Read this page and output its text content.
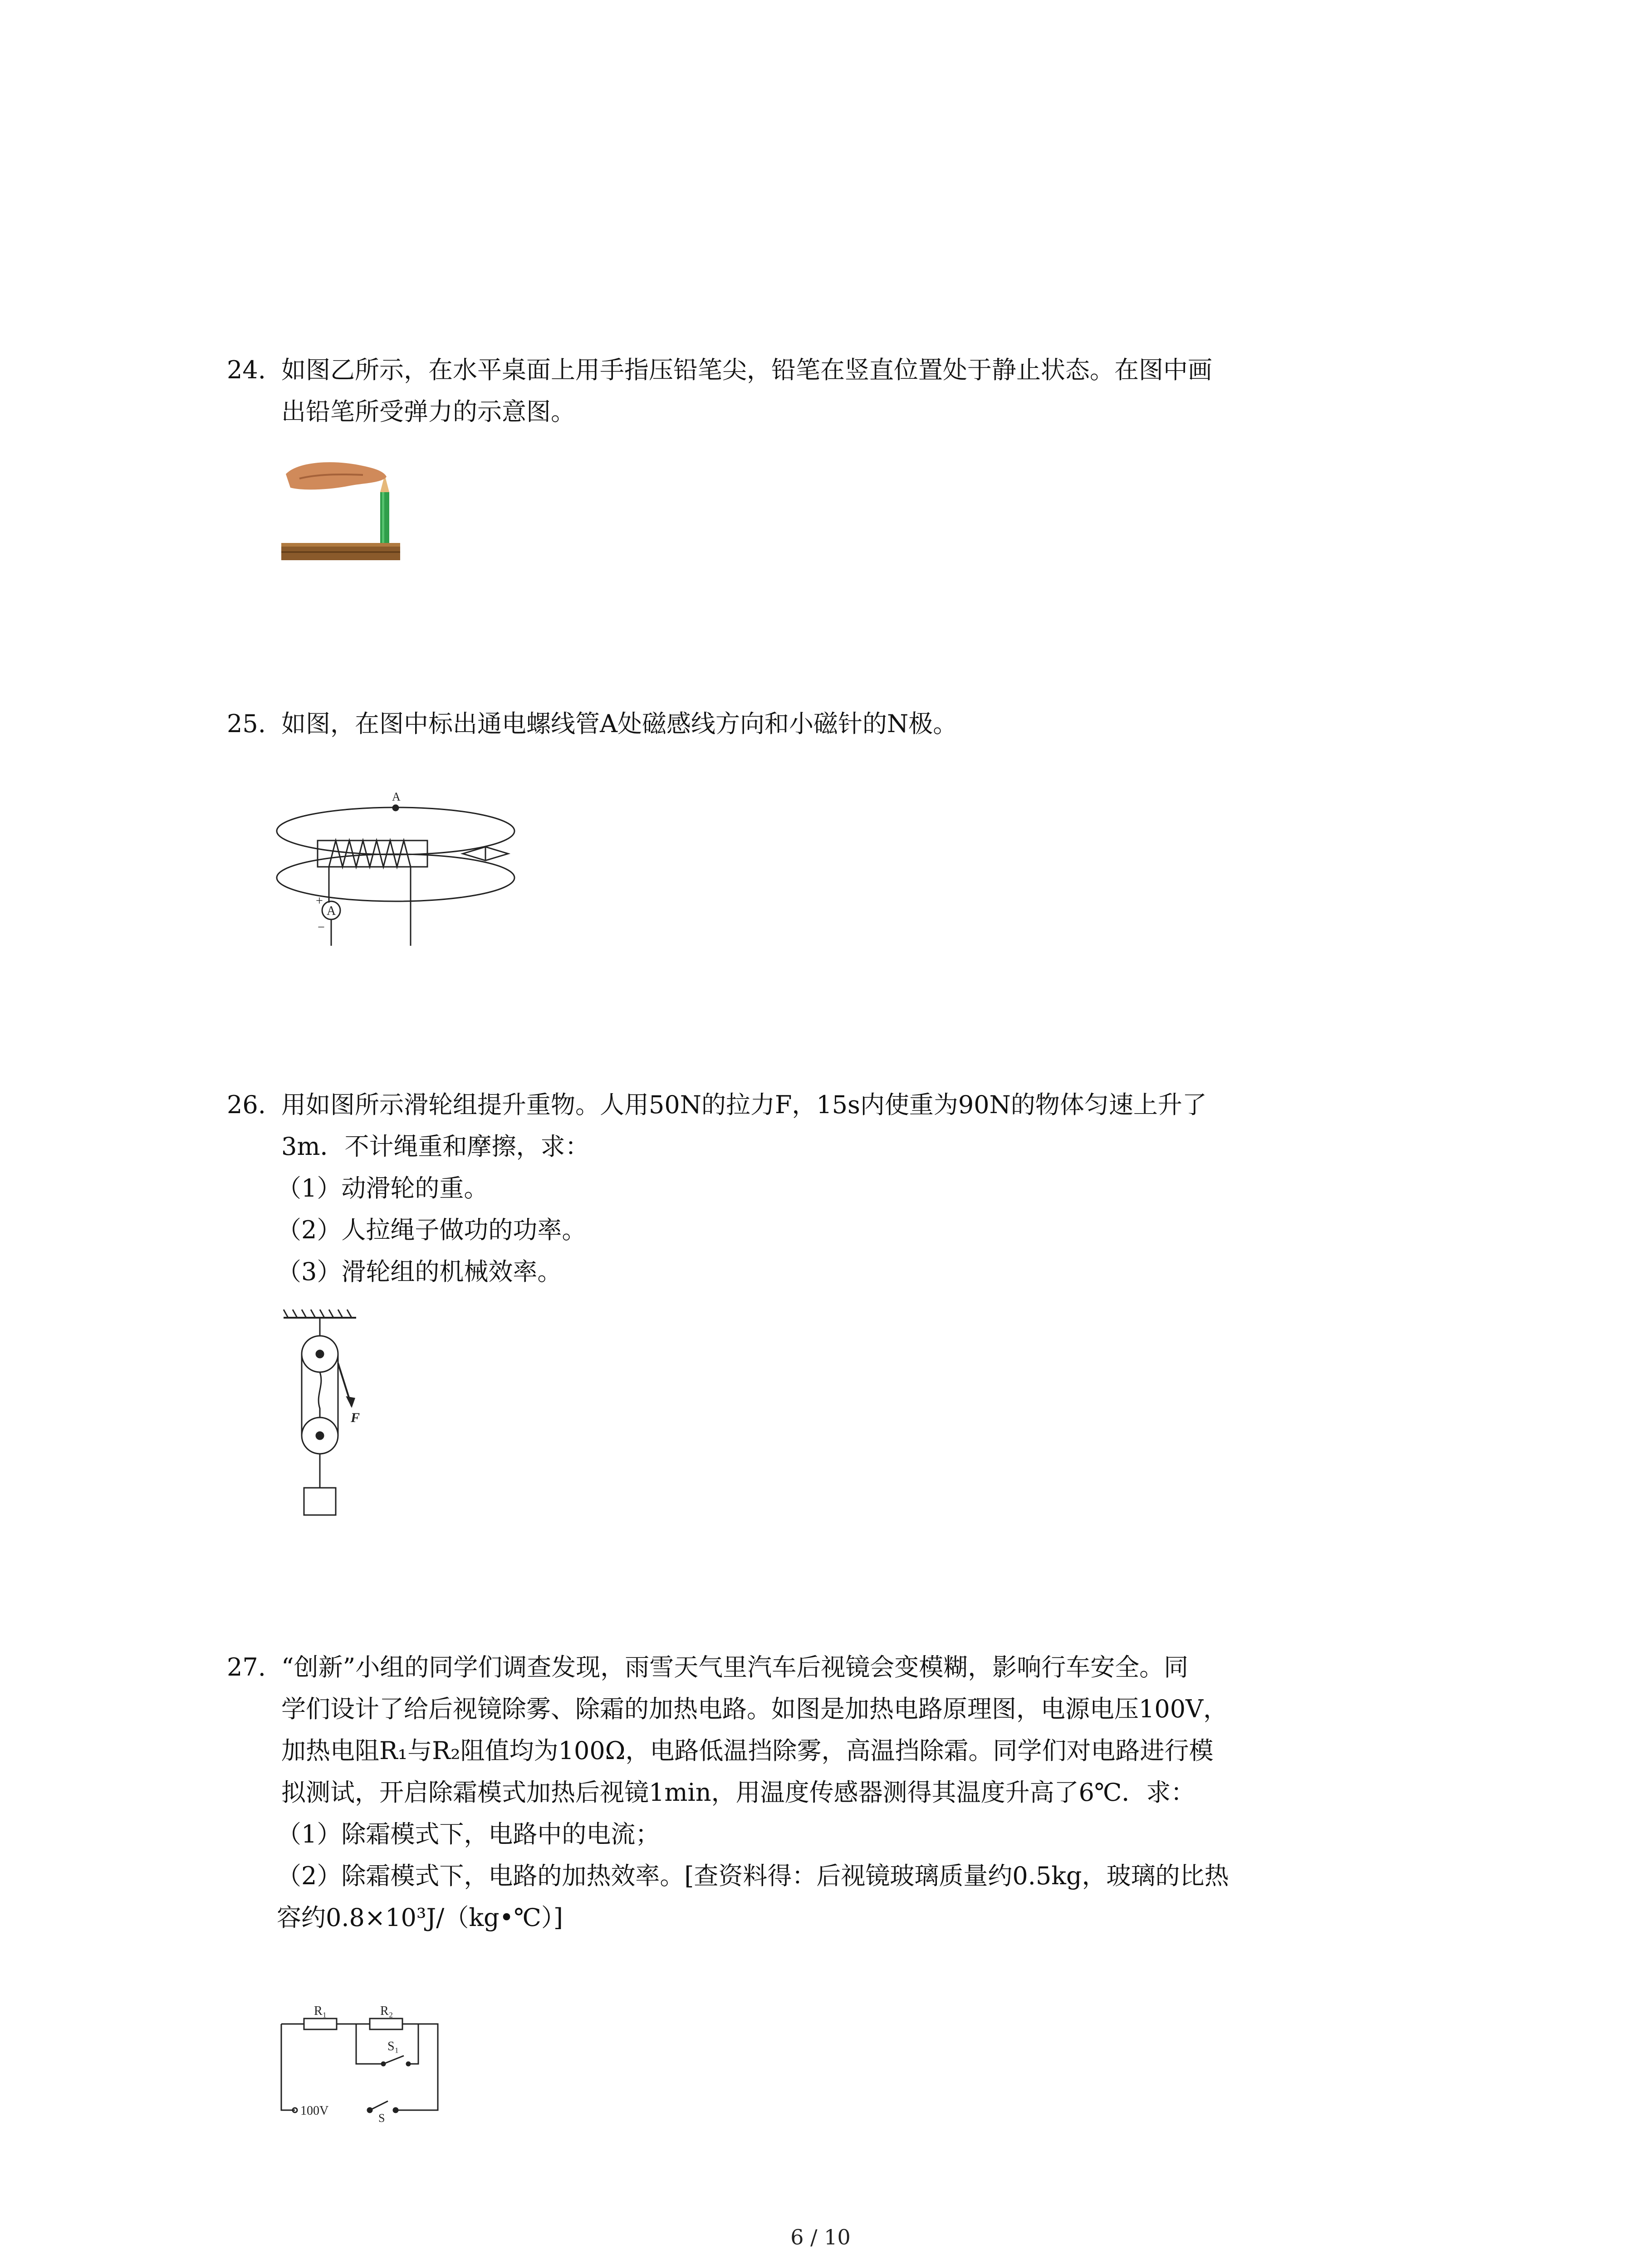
24. 如图乙所示，在水平桌面上用手指压铅笔尖，铅笔在竖直位置处于静止状态。在图中画
出铅笔所受弹力的示意图。
25. 如图，在图中标出通电螺线管A处磁感线方向和小磁针的N极。
A
A
+
−
26. 用如图所示滑轮组提升重物。人用50N的拉力F，15s内使重为90N的物体匀速上升了
3m．不计绳重和摩擦，求：
（1）动滑轮的重。
（2）人拉绳子做功的功率。
（3）滑轮组的机械效率。
F
27. “创新”小组的同学们调查发现，雨雪天气里汽车后视镜会变模糊，影响行车安全。同
学们设计了给后视镜除雾、除霜的加热电路。如图是加热电路原理图，电源电压100V，
加热电阻R₁与R₂阻值均为100Ω，电路低温挡除雾，高温挡除霜。同学们对电路进行模
拟测试，开启除霜模式加热后视镜1min，用温度传感器测得其温度升高了6℃．求：
（1）除霜模式下，电路中的电流；
（2）除霜模式下，电路的加热效率。[查资料得：后视镜玻璃质量约0.5kg，玻璃的比热
容约0.8×10³J/（kg•℃）]
R₁	R₂
S₁
100V
S
6 / 10
